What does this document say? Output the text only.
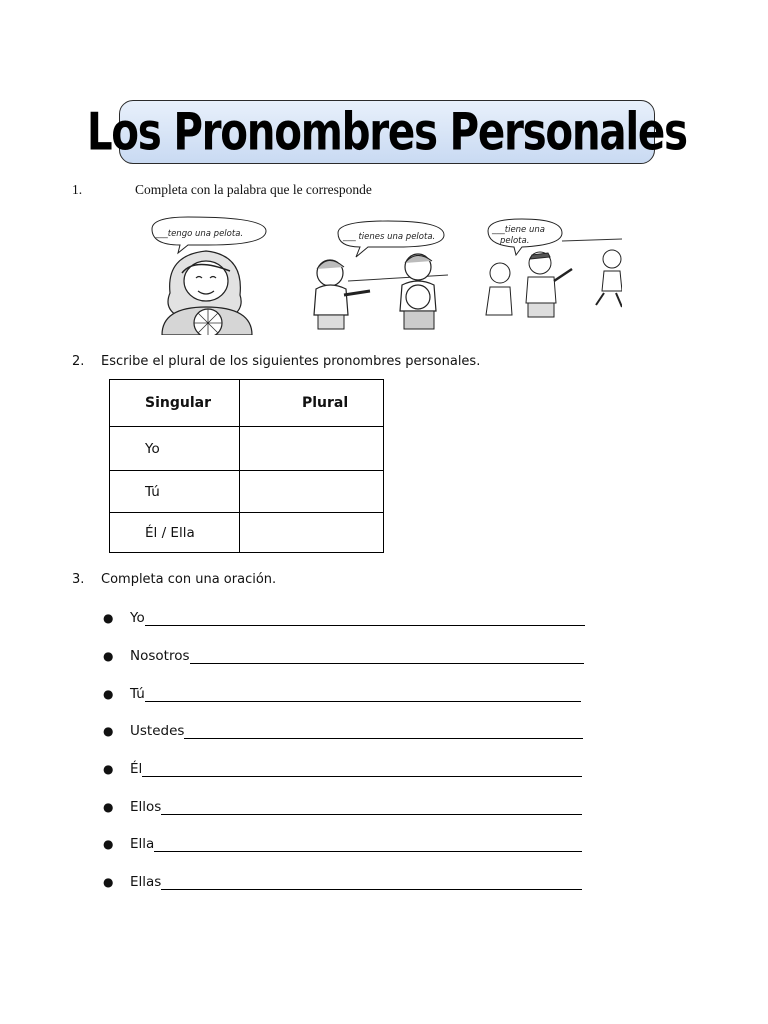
Los Pronombres Personales
1.	Completa con la palabra que le corresponde
___tengo una pelota.	___ tienes una pelota.
___tiene una
pelota.
2. Escribe el plural de los siguientes pronombres personales.
Singular	Plural
Yo	
Tú	
Él / Ella	
3. Completa con una oración.
●	Yo
●	Nosotros
●	Tú
●	Ustedes
●	Él
●	Ellos
●	Ella
●	Ellas
